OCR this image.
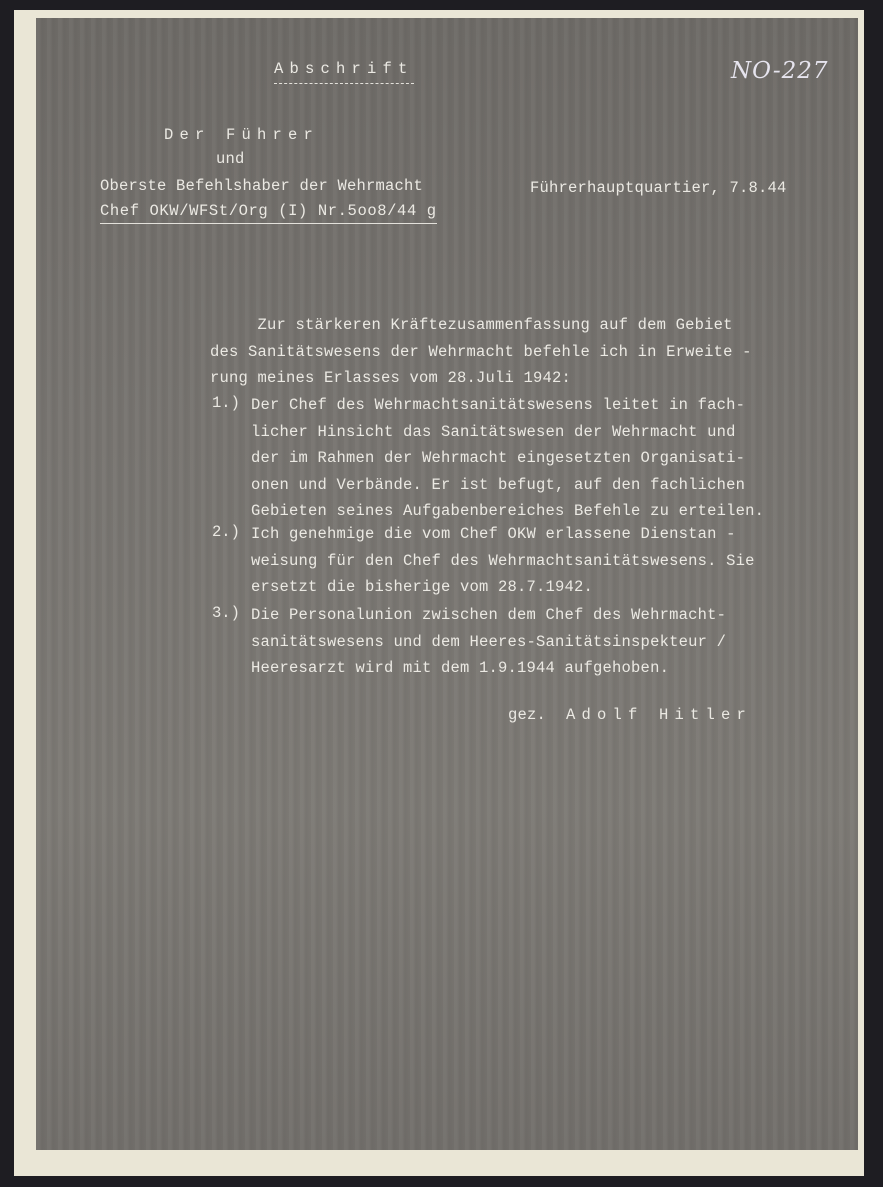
NO-227
Abschrift
Der Führer
und
Oberste Befehlshaber der Wehrmacht
Chef OKW/WFSt/Org (I) Nr.5oo8/44 g
Führerhauptquartier, 7.8.44
Zur stärkeren Kräftezusammenfassung auf dem Gebiet
des Sanitätswesens der Wehrmacht befehle ich in Erweite -
rung meines Erlasses vom 28.Juli 1942:
1.) Der Chef des Wehrmachtsanitätswesens leitet in fach-
licher Hinsicht das Sanitätswesen der Wehrmacht und
der im Rahmen der Wehrmacht eingesetzten Organisati-
onen und Verbände. Er ist befugt, auf den fachlichen
Gebieten seines Aufgabenbereiches Befehle zu erteilen.
2.) Ich genehmige die vom Chef OKW erlassene Dienstan -
weisung für den Chef des Wehrmachtsanitätswesens. Sie
ersetzt die bisherige vom 28.7.1942.
3.) Die Personalunion zwischen dem Chef des Wehrmacht-
sanitätswesens und dem Heeres-Sanitätsinspekteur /
Heeresarzt wird mit dem 1.9.1944 aufgehoben.
gez. Adolf Hitler
